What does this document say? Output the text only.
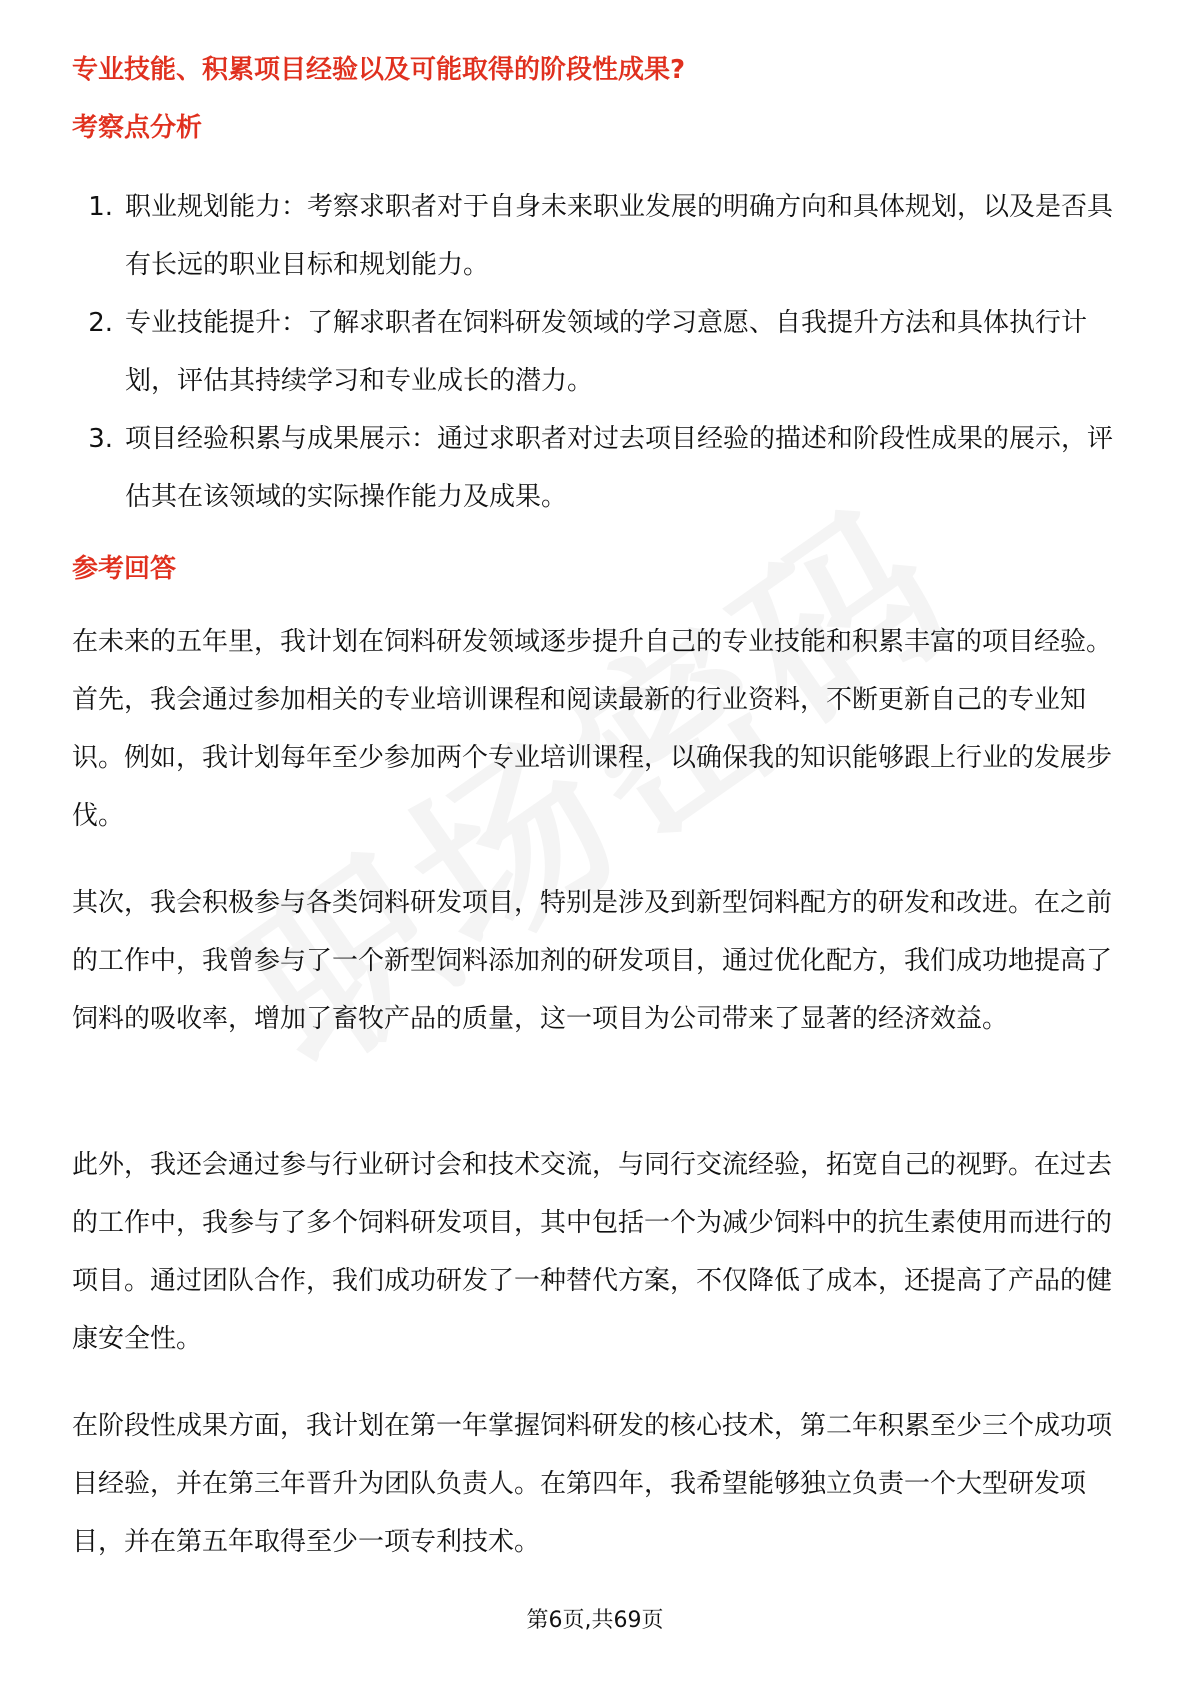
专业技能、积累项目经验以及可能取得的阶段性成果?
考察点分析
1. 职业规划能力：考察求职者对于自身未来职业发展的明确方向和具体规划，以及是否具有长远的职业目标和规划能力。
2. 专业技能提升：了解求职者在饲料研发领域的学习意愿、自我提升方法和具体执行计划，评估其持续学习和专业成长的潜力。
3. 项目经验积累与成果展示：通过求职者对过去项目经验的描述和阶段性成果的展示，评估其在该领域的实际操作能力及成果。
参考回答

在未来的五年里，我计划在饲料研发领域逐步提升自己的专业技能和积累丰富的项目经验。首先，我会通过参加相关的专业培训课程和阅读最新的行业资料，不断更新自己的专业知识。例如，我计划每年至少参加两个专业培训课程，以确保我的知识能够跟上行业的发展步伐。

其次，我会积极参与各类饲料研发项目，特别是涉及到新型饲料配方的研发和改进。在之前的工作中，我曾参与了一个新型饲料添加剂的研发项目，通过优化配方，我们成功地提高了饲料的吸收率，增加了畜牧产品的质量，这一项目为公司带来了显著的经济效益。

此外，我还会通过参与行业研讨会和技术交流，与同行交流经验，拓宽自己的视野。在过去的工作中，我参与了多个饲料研发项目，其中包括一个为减少饲料中的抗生素使用而进行的项目。通过团队合作，我们成功研发了一种替代方案，不仅降低了成本，还提高了产品的健康安全性。

在阶段性成果方面，我计划在第一年掌握饲料研发的核心技术，第二年积累至少三个成功项目经验，并在第三年晋升为团队负责人。在第四年，我希望能够独立负责一个大型研发项目，并在第五年取得至少一项专利技术。

第6页,共69页
